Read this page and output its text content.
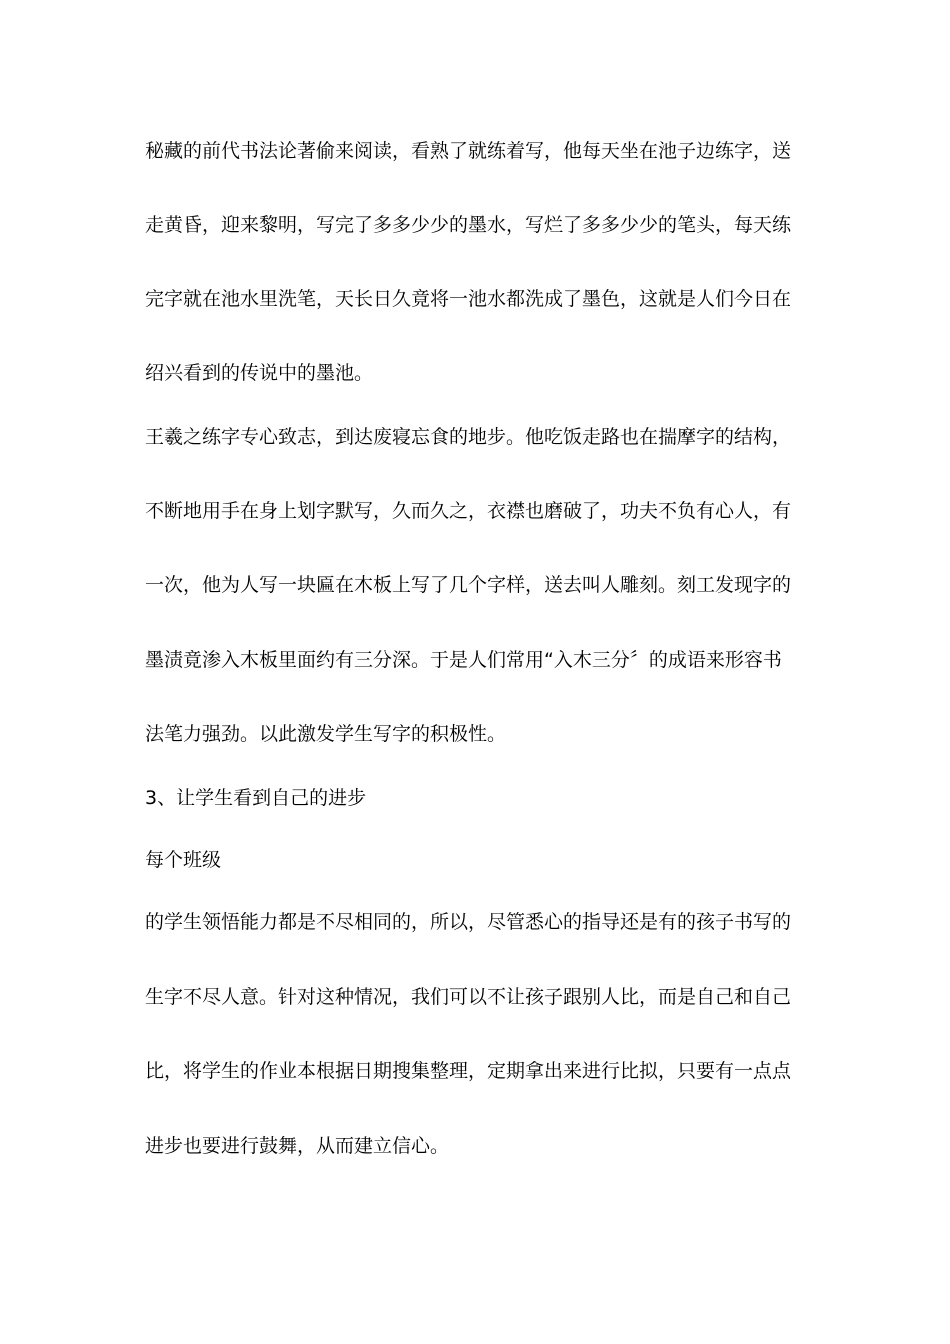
秘藏的前代书法论著偷来阅读，看熟了就练着写，他每天坐在池子边练字，送
走黄昏，迎来黎明，写完了多多少少的墨水，写烂了多多少少的笔头，每天练
完字就在池水里洗笔，天长日久竟将一池水都洗成了墨色，这就是人们今日在
绍兴看到的传说中的墨池。
王羲之练字专心致志，到达废寝忘食的地步。他吃饭走路也在揣摩字的结构，
不断地用手在身上划字默写，久而久之，衣襟也磨破了，功夫不负有心人，有
一次，他为人写一块匾在木板上写了几个字样，送去叫人雕刻。刻工发现字的
墨渍竟渗入木板里面约有三分深。于是人们常用“入木三分〞的成语来形容书
法笔力强劲。以此激发学生写字的积极性。
3、让学生看到自己的进步
每个班级
的学生领悟能力都是不尽相同的，所以，尽管悉心的指导还是有的孩子书写的
生字不尽人意。针对这种情况，我们可以不让孩子跟别人比，而是自己和自己
比，将学生的作业本根据日期搜集整理，定期拿出来进行比拟，只要有一点点
进步也要进行鼓舞，从而建立信心。
